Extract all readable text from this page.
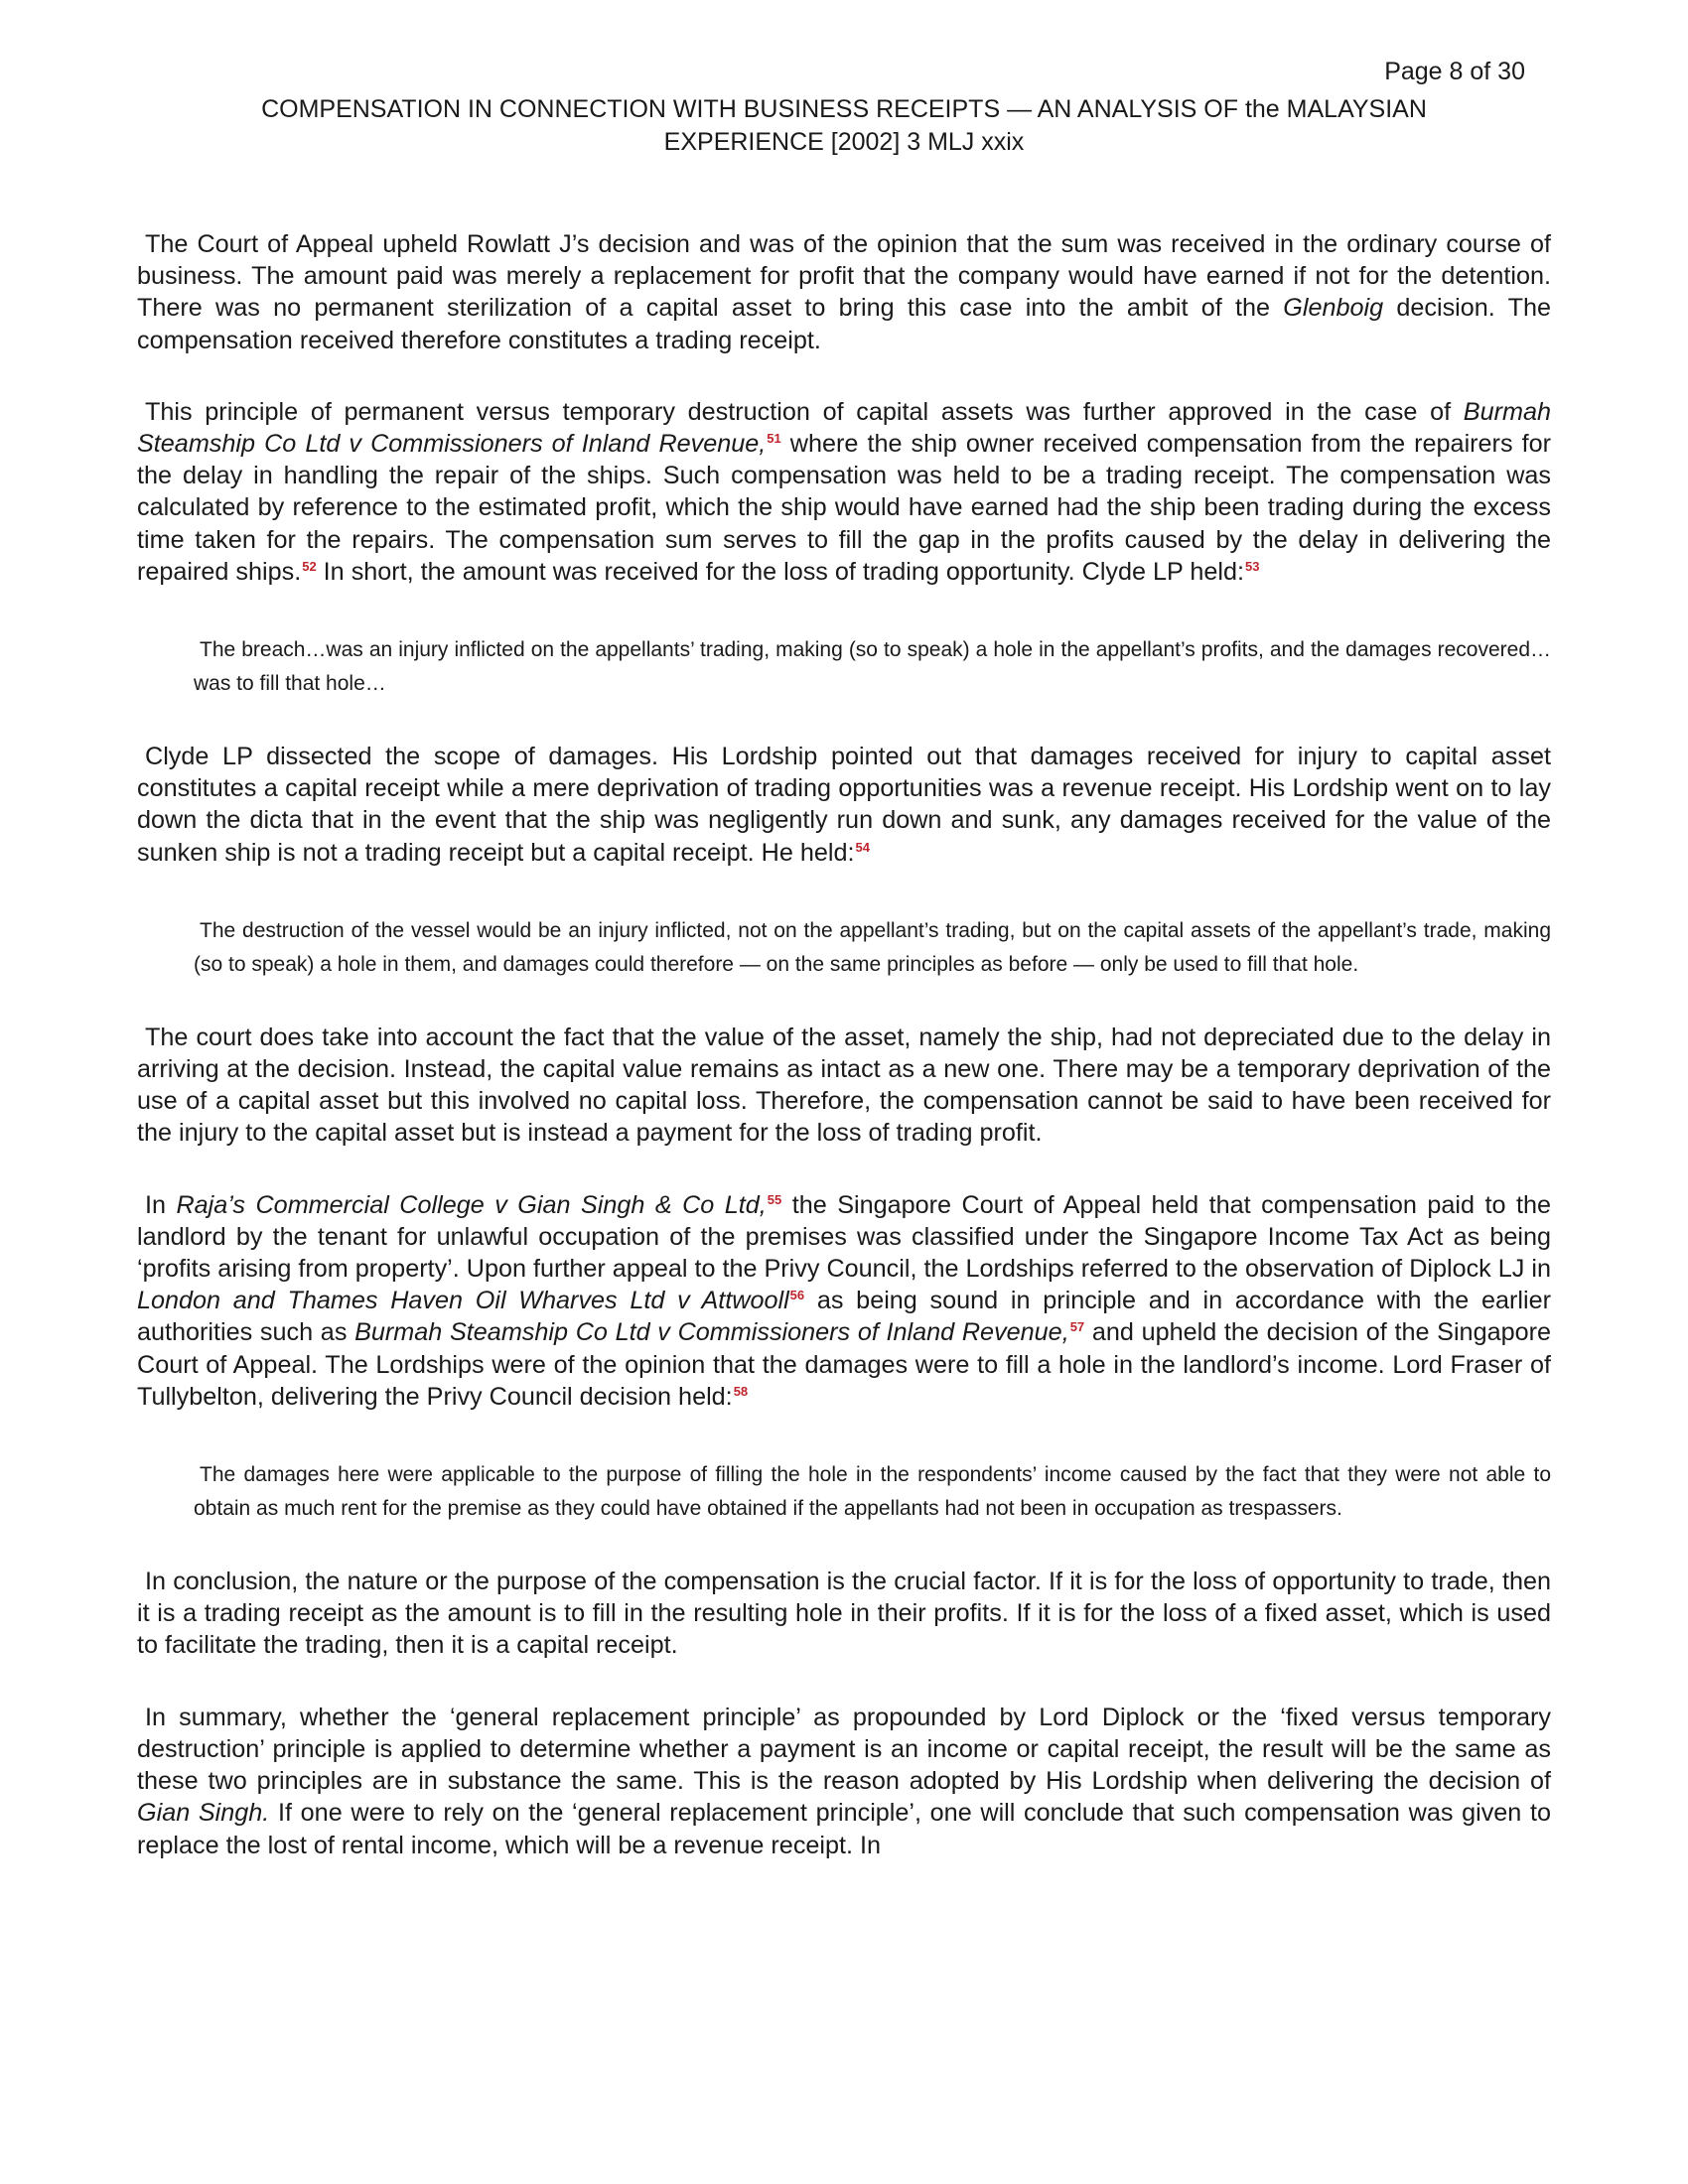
Page 8 of 30
COMPENSATION IN CONNECTION WITH BUSINESS RECEIPTS — AN ANALYSIS OF the MALAYSIAN
EXPERIENCE [2002] 3 MLJ xxix

The Court of Appeal upheld Rowlatt J’s decision and was of the opinion that the sum was received in the ordinary course of business. The amount paid was merely a replacement for profit that the company would have earned if not for the detention. There was no permanent sterilization of a capital asset to bring this case into the ambit of the Glenboig decision. The compensation received therefore constitutes a trading receipt.

This principle of permanent versus temporary destruction of capital assets was further approved in the case of Burmah Steamship Co Ltd v Commissioners of Inland Revenue,$^{51}$ where the ship owner received compensation from the repairers for the delay in handling the repair of the ships. Such compensation was held to be a trading receipt. The compensation was calculated by reference to the estimated profit, which the ship would have earned had the ship been trading during the excess time taken for the repairs. The compensation sum serves to fill the gap in the profits caused by the delay in delivering the repaired ships.$^{52}$ In short, the amount was received for the loss of trading opportunity. Clyde LP held:$^{53}$

The breach…was an injury inflicted on the appellants’ trading, making (so to speak) a hole in the appellant’s profits, and the damages recovered…was to fill that hole…

Clyde LP dissected the scope of damages. His Lordship pointed out that damages received for injury to capital asset constitutes a capital receipt while a mere deprivation of trading opportunities was a revenue receipt. His Lordship went on to lay down the dicta that in the event that the ship was negligently run down and sunk, any damages received for the value of the sunken ship is not a trading receipt but a capital receipt. He held:$^{54}$

The destruction of the vessel would be an injury inflicted, not on the appellant’s trading, but on the capital assets of the appellant’s trade, making (so to speak) a hole in them, and damages could therefore — on the same principles as before — only be used to fill that hole.

The court does take into account the fact that the value of the asset, namely the ship, had not depreciated due to the delay in arriving at the decision. Instead, the capital value remains as intact as a new one. There may be a temporary deprivation of the use of a capital asset but this involved no capital loss. Therefore, the compensation cannot be said to have been received for the injury to the capital asset but is instead a payment for the loss of trading profit.

In Raja’s Commercial College v Gian Singh & Co Ltd,$^{55}$ the Singapore Court of Appeal held that compensation paid to the landlord by the tenant for unlawful occupation of the premises was classified under the Singapore Income Tax Act as being ‘profits arising from property’. Upon further appeal to the Privy Council, the Lordships referred to the observation of Diplock LJ in London and Thames Haven Oil Wharves Ltd v Attwooll$^{56}$ as being sound in principle and in accordance with the earlier authorities such as Burmah Steamship Co Ltd v Commissioners of Inland Revenue,$^{57}$ and upheld the decision of the Singapore Court of Appeal. The Lordships were of the opinion that the damages were to fill a hole in the landlord’s income. Lord Fraser of Tullybelton, delivering the Privy Council decision held:$^{58}$

The damages here were applicable to the purpose of filling the hole in the respondents’ income caused by the fact that they were not able to obtain as much rent for the premise as they could have obtained if the appellants had not been in occupation as trespassers.

In conclusion, the nature or the purpose of the compensation is the crucial factor. If it is for the loss of opportunity to trade, then it is a trading receipt as the amount is to fill in the resulting hole in their profits. If it is for the loss of a fixed asset, which is used to facilitate the trading, then it is a capital receipt.

In summary, whether the ‘general replacement principle’ as propounded by Lord Diplock or the ‘fixed versus temporary destruction’ principle is applied to determine whether a payment is an income or capital receipt, the result will be the same as these two principles are in substance the same. This is the reason adopted by His Lordship when delivering the decision of Gian Singh. If one were to rely on the ‘general replacement principle’, one will conclude that such compensation was given to replace the lost of rental income, which will be a revenue receipt. In
